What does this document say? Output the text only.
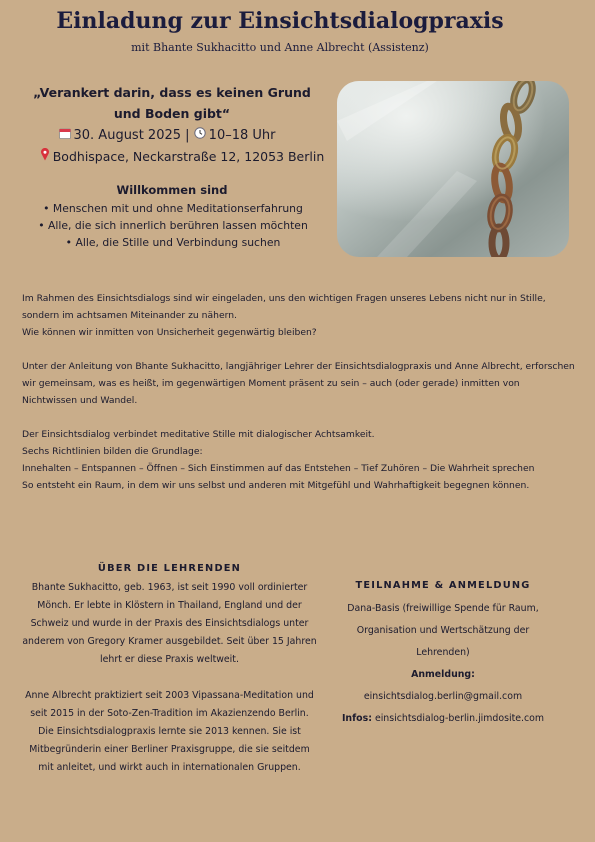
Einladung zur Einsichtsdialogpraxis
mit Bhante Sukhacitto und Anne Albrecht (Assistenz)
„Verankert darin, dass es keinen Grund und Boden gibt“
30. August 2025 | 10–18 Uhr
Bodhispace, Neckarstraße 12, 12053 Berlin
Willkommen sind
• Menschen mit und ohne Meditationserfahrung
• Alle, die sich innerlich berühren lassen möchten
• Alle, die Stille und Verbindung suchen

Im Rahmen des Einsichtsdialogs sind wir eingeladen, uns den wichtigen Fragen unseres Lebens nicht nur in Stille, sondern im achtsamen Miteinander zu nähern.

Wie können wir inmitten von Unsicherheit gegenwärtig bleiben?

Unter der Anleitung von Bhante Sukhacitto, langjähriger Lehrer der Einsichtsdialogpraxis und Anne Albrecht, erforschen wir gemeinsam, was es heißt, im gegenwärtigen Moment präsent zu sein – auch (oder gerade) inmitten von Nichtwissen und Wandel.

Der Einsichtsdialog verbindet meditative Stille mit dialogischer Achtsamkeit.

Sechs Richtlinien bilden die Grundlage:

Innehalten – Entspannen – Öffnen – Sich Einstimmen auf das Entstehen – Tief Zuhören – Die Wahrheit sprechen

So entsteht ein Raum, in dem wir uns selbst und anderen mit Mitgefühl und Wahrhaftigkeit begegnen können.

ÜBER DIE LEHRENDEN

Bhante Sukhacitto, geb. 1963, ist seit 1990 voll ordinierter Mönch. Er lebte in Klöstern in Thailand, England und der Schweiz und wurde in der Praxis des Einsichtsdialogs unter anderem von Gregory Kramer ausgebildet. Seit über 15 Jahren lehrt er diese Praxis weltweit.

Anne Albrecht praktiziert seit 2003 Vipassana-Meditation und seit 2015 in der Soto-Zen-Tradition im Akazienzendo Berlin. Die Einsichtsdialogpraxis lernte sie 2013 kennen. Sie ist Mitbegründerin einer Berliner Praxisgruppe, die sie seitdem mit anleitet, und wirkt auch in internationalen Gruppen.

TEILNAHME & ANMELDUNG

Dana-Basis (freiwillige Spende für Raum, Organisation und Wertschätzung der Lehrenden)

Anmeldung:

einsichtsdialog.berlin@gmail.com

Infos: einsichtsdialog-berlin.jimdosite.com
